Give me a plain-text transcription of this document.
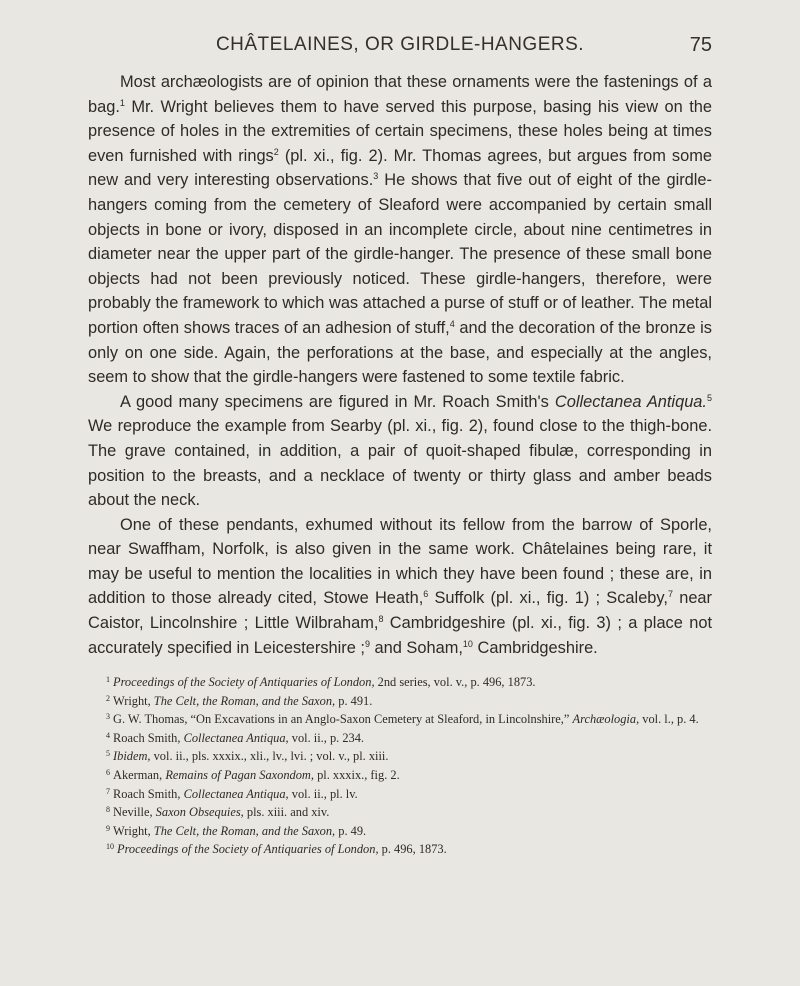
CHÂTELAINES, OR GIRDLE-HANGERS.	75

Most archæologists are of opinion that these ornaments were the fastenings of a bag.$^1$ Mr. Wright believes them to have served this purpose, basing his view on the presence of holes in the extremities of certain specimens, these holes being at times even furnished with rings$^2$ (pl. xi., fig. 2). Mr. Thomas agrees, but argues from some new and very interesting observations.$^3$ He shows that five out of eight of the girdle-hangers coming from the cemetery of Sleaford were accompanied by certain small objects in bone or ivory, disposed in an incomplete circle, about nine centimetres in diameter near the upper part of the girdle-hanger. The presence of these small bone objects had not been previously noticed. These girdle-hangers, therefore, were probably the framework to which was attached a purse of stuff or of leather. The metal portion often shows traces of an adhesion of stuff,$^4$ and the decoration of the bronze is only on one side. Again, the perforations at the base, and especially at the angles, seem to show that the girdle-hangers were fastened to some textile fabric.

A good many specimens are figured in Mr. Roach Smith's Collectanea Antiqua.$^5$ We reproduce the example from Searby (pl. xi., fig. 2), found close to the thigh-bone. The grave contained, in addition, a pair of quoit-shaped fibulæ, corresponding in position to the breasts, and a necklace of twenty or thirty glass and amber beads about the neck.

One of these pendants, exhumed without its fellow from the barrow of Sporle, near Swaffham, Norfolk, is also given in the same work. Châtelaines being rare, it may be useful to mention the localities in which they have been found ; these are, in addition to those already cited, Stowe Heath,$^6$ Suffolk (pl. xi., fig. 1) ; Scaleby,$^7$ near Caistor, Lincolnshire ; Little Wilbraham,$^8$ Cambridgeshire (pl. xi., fig. 3) ; a place not accurately specified in Leicestershire ;$^9$ and Soham,$^{10}$ Cambridgeshire.

$^1$ Proceedings of the Society of Antiquaries of London, 2nd series, vol. v., p. 496, 1873.

$^2$ Wright, The Celt, the Roman, and the Saxon, p. 491.

$^3$ G. W. Thomas, “On Excavations in an Anglo-Saxon Cemetery at Sleaford, in Lincolnshire,” Archæologia, vol. l., p. 4.

$^4$ Roach Smith, Collectanea Antiqua, vol. ii., p. 234.

$^5$ Ibidem, vol. ii., pls. xxxix., xli., lv., lvi. ; vol. v., pl. xiii.

$^6$ Akerman, Remains of Pagan Saxondom, pl. xxxix., fig. 2.

$^7$ Roach Smith, Collectanea Antiqua, vol. ii., pl. lv.

$^8$ Neville, Saxon Obsequies, pls. xiii. and xiv.

$^9$ Wright, The Celt, the Roman, and the Saxon, p. 49.

$^{10}$ Proceedings of the Society of Antiquaries of London, p. 496, 1873.
